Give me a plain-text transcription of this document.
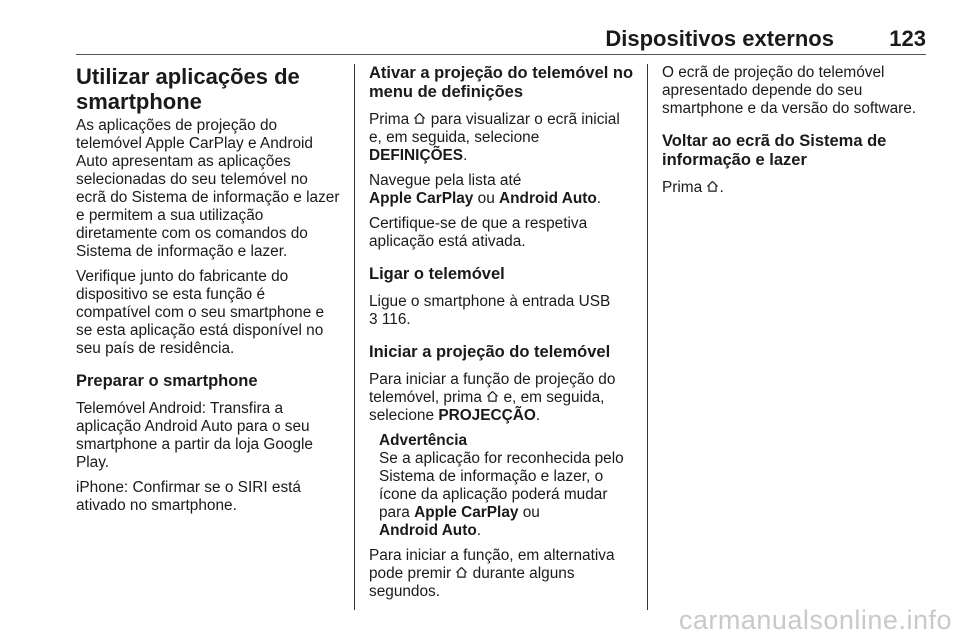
Dispositivos externos	123
Utilizar aplicações de smartphone

As aplicações de projeção do telemóvel Apple CarPlay e Android Auto apresentam as aplicações selecionadas do seu telemóvel no ecrã do Sistema de informação e lazer e permitem a sua utilização diretamente com os comandos do Sistema de informação e lazer.

Verifique junto do fabricante do dispositivo se esta função é compatível com o seu smartphone e se esta aplicação está disponível no seu país de residência.

Preparar o smartphone

Telemóvel Android: Transfira a aplicação Android Auto para o seu smartphone a partir da loja Google Play.

iPhone: Confirmar se o SIRI está ativado no smartphone.

Ativar a projeção do telemóvel no menu de definições

Prima
para visualizar o ecrã inicial e, em seguida, selecione DEFINIÇÕES.

Navegue pela lista até
Apple CarPlay ou Android Auto.

Certifique-se de que a respetiva aplicação está ativada.

Ligar o telemóvel

Ligue o smartphone à entrada USB
3 116.

Iniciar a projeção do telemóvel

Para iniciar a função de projeção do telemóvel, prima
e, em seguida, selecione PROJECÇÃO.

Advertência
Se a aplicação for reconhecida pelo Sistema de informação e lazer, o ícone da aplicação poderá mudar para Apple CarPlay ou
Android Auto.

Para iniciar a função, em alternativa pode premir
durante alguns segundos.

O ecrã de projeção do telemóvel apresentado depende do seu smartphone e da versão do software.

Voltar ao ecrã do Sistema de informação e lazer

Prima
.

carmanualsonline.info
